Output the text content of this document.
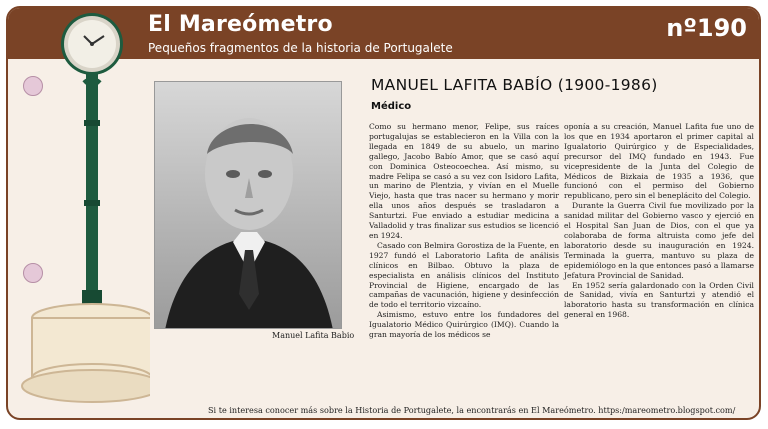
El Mareómetro
Pequeños fragmentos de la historia de Portugalete
nº190
Manuel Lafita Babio
MANUEL LAFITA BABÍO (1900-1986)
Médico

Como su hermano menor, Felipe, sus raíces portugalujas se establecieron en la Villa con la llegada en 1849 de su abuelo, un marino gallego, Jacobo Babío Amor, que se casó aquí con Dominica Osteocoechea. Así mismo, su madre Felipa se casó a su vez con Isidoro Lafita, un marino de Plentzia, y vivían en el Muelle Viejo, hasta que tras nacer su hermano y morir ella unos años después se trasladaron a Santurtzi. Fue enviado a estudiar medicina a Valladolid y tras finalizar sus estudios se licenció en 1924.

Casado con Belmira Gorostiza de la Fuente, en 1927 fundó el Laboratorio Lafita de análisis clínicos en Bilbao. Obtuvo la plaza de especialista en análisis clínicos del Instituto Provincial de Higiene, encargado de las campañas de vacunación, higiene y desinfección de todo el territorio vizcaíno.

Asimismo, estuvo entre los fundadores del Igualatorio Médico Quirúrgico (IMQ). Cuando la gran mayoría de los médicos se

oponía a su creación, Manuel Lafita fue uno de los que en 1934 aportaron el primer capital al Igualatorio Quirúrgico y de Especialidades, precursor del IMQ fundado en 1943. Fue vicepresidente de la Junta del Colegio de Médicos de Bizkaia de 1935 a 1936, que funcionó con el permiso del Gobierno republicano, pero sin el beneplácito del Colegio.

Durante la Guerra Civil fue movilizado por la sanidad militar del Gobierno vasco y ejerció en el Hospital San Juan de Dios, con el que ya colaboraba de forma altruista como jefe del laboratorio desde su inauguración en 1924. Terminada la guerra, mantuvo su plaza de epidemiólogo en la que entonces pasó a llamarse Jefatura Provincial de Sanidad.

En 1952 sería galardonado con la Orden Civil de Sanidad, vivía en Santurtzi y atendió el laboratorio hasta su transformación en clínica general en 1968.

Si te interesa conocer más sobre la Historia de Portugalete, la encontrarás en El Mareómetro. https:/mareometro.blogspot.com/
